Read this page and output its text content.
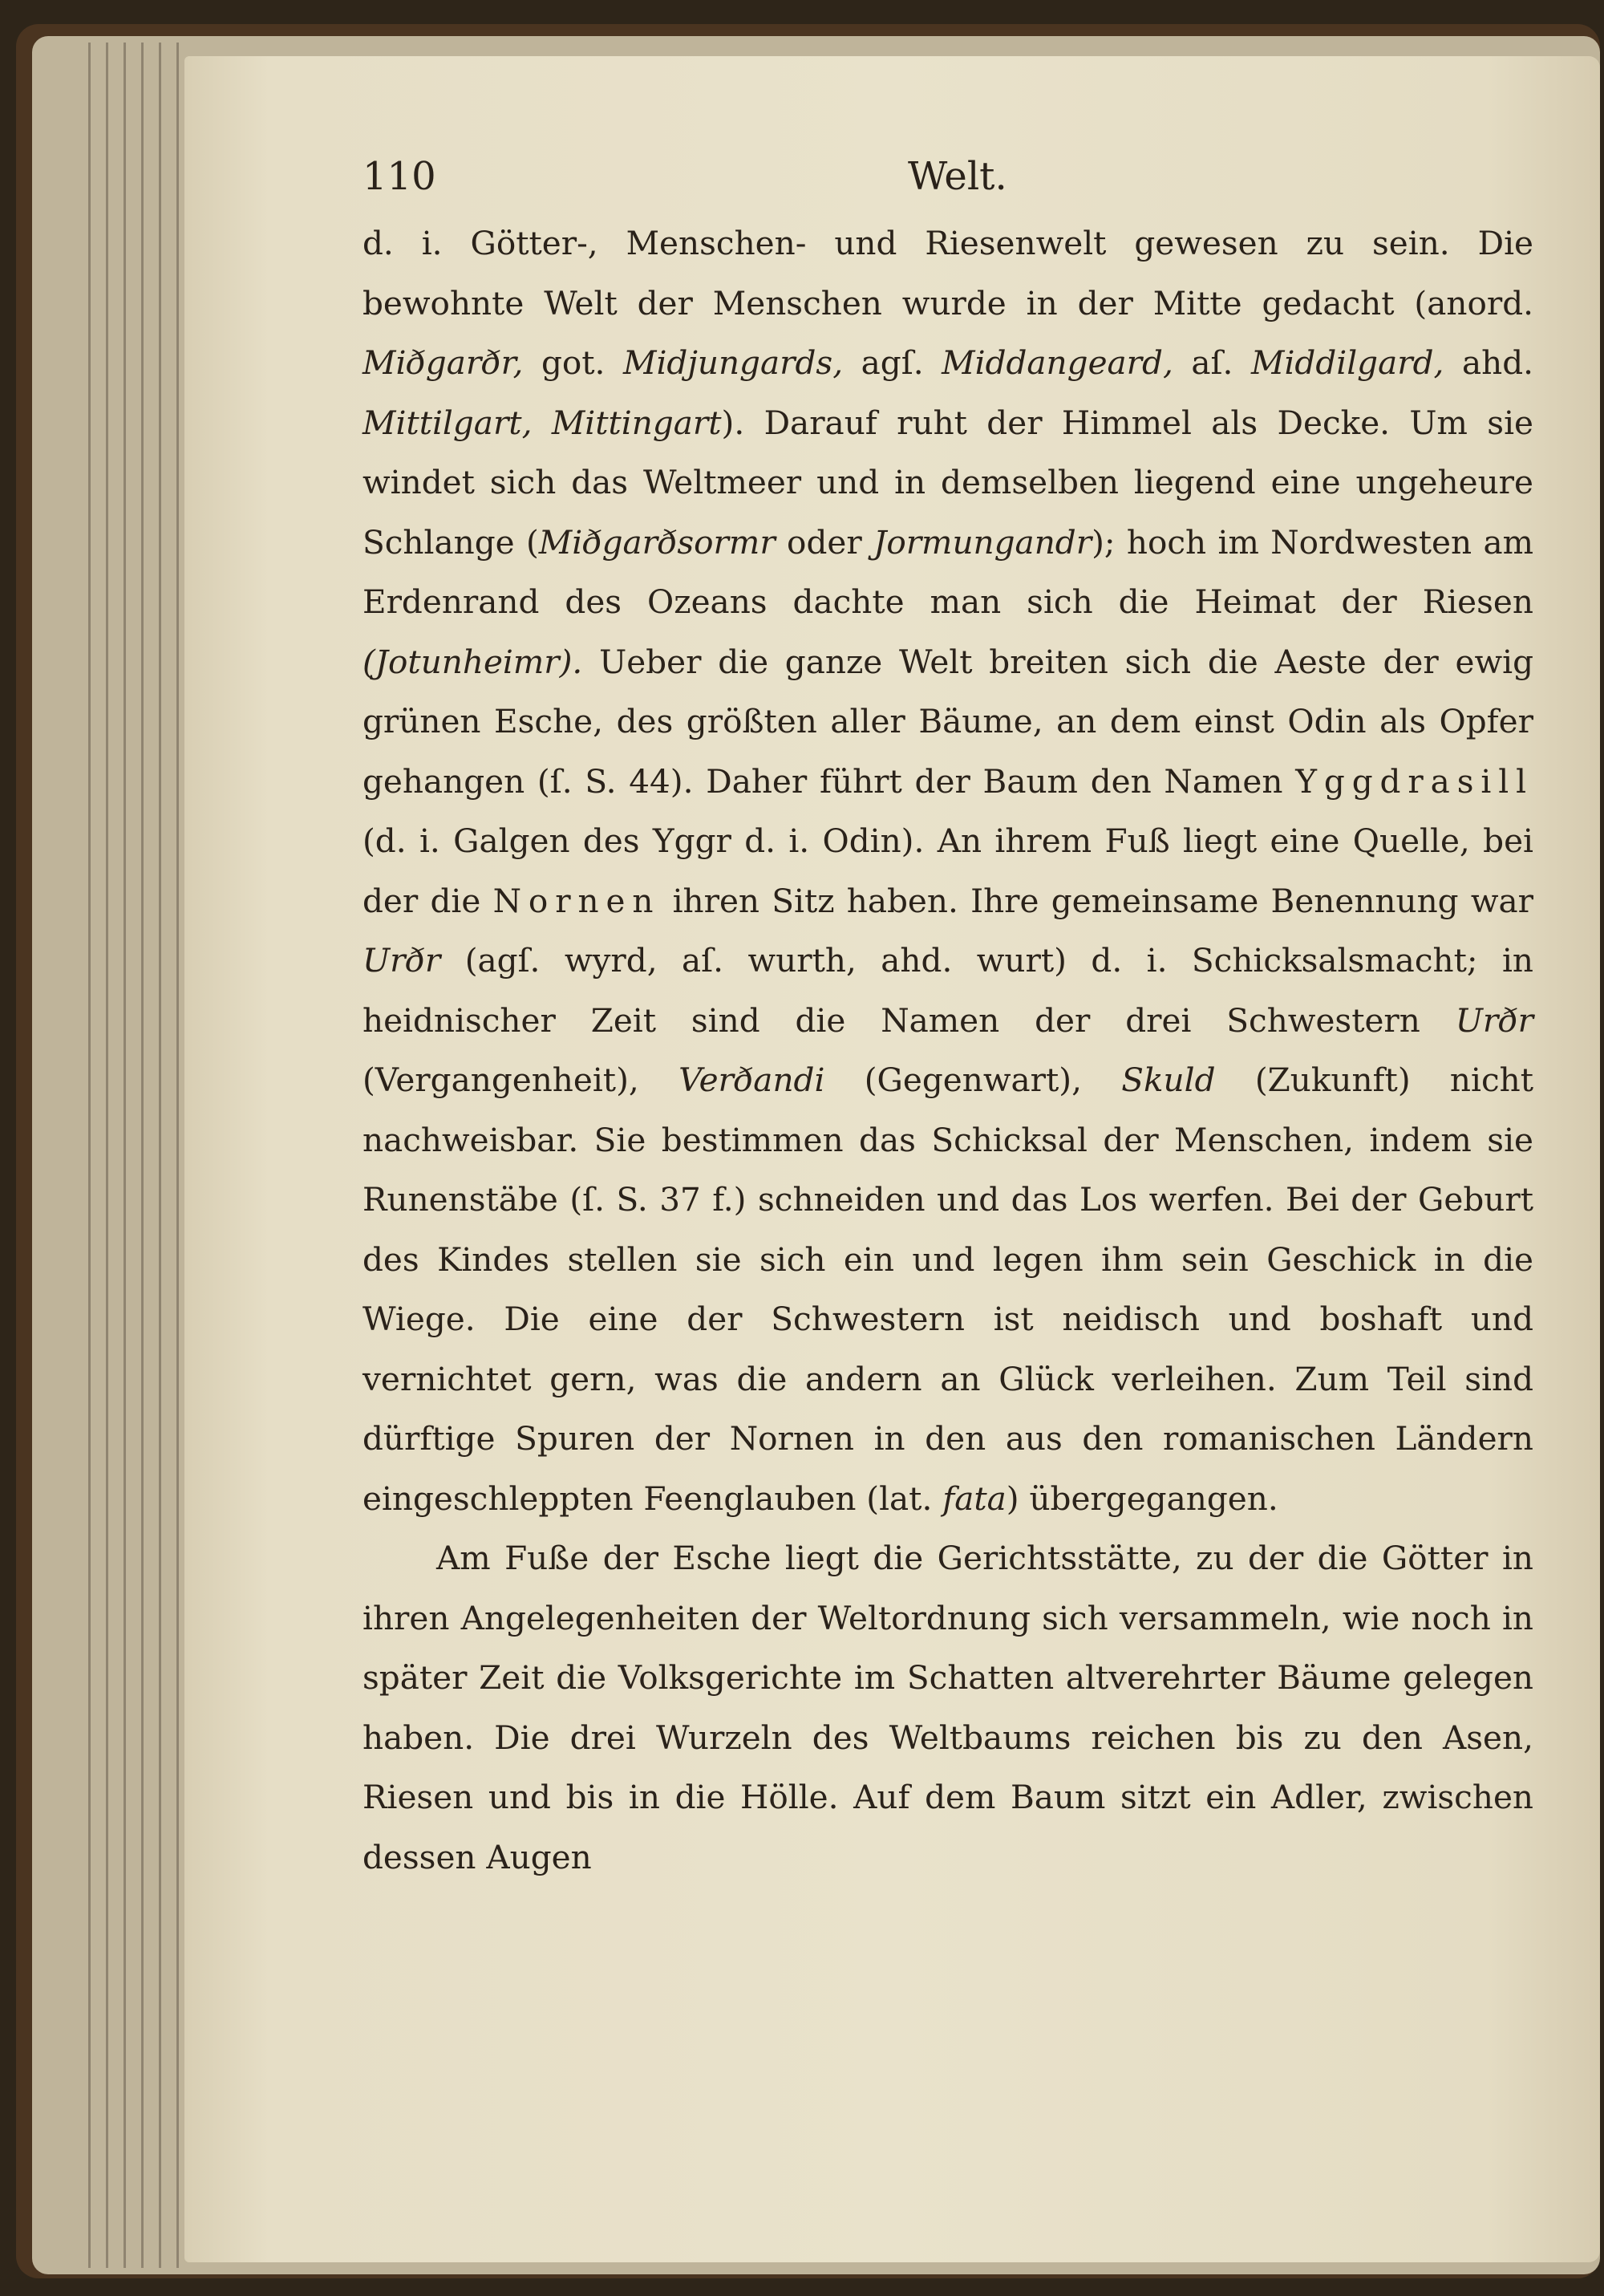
110	Welt.

d. i. Götter-, Menschen- und Riesenwelt gewesen zu sein. Die bewohnte Welt der Menschen wurde in der Mitte gedacht (anord. Miðgarðr, got. Midjungards, agſ. Middangeard, aſ. Middilgard, ahd. Mittilgart, Mittingart). Darauf ruht der Himmel als Decke. Um sie windet sich das Weltmeer und in demselben liegend eine ungeheure Schlange (Miðgarðsormr oder Jormungandr); hoch im Nordwesten am Erdenrand des Ozeans dachte man sich die Heimat der Riesen (Jotunheimr). Ueber die ganze Welt breiten sich die Aeste der ewig grünen Esche, des größten aller Bäume, an dem einst Odin als Opfer gehangen (ſ. S. 44). Daher führt der Baum den Namen Yggdrasill (d. i. Galgen des Yggr d. i. Odin). An ihrem Fuß liegt eine Quelle, bei der die Nornen ihren Sitz haben. Ihre gemeinsame Benennung war Urðr (agſ. wyrd, aſ. wurth, ahd. wurt) d. i. Schicksalsmacht; in heidnischer Zeit sind die Namen der drei Schwestern Urðr (Vergangenheit), Verðandi (Gegenwart), Skuld (Zukunft) nicht nachweisbar. Sie bestimmen das Schicksal der Menschen, indem sie Runenstäbe (ſ. S. 37 f.) schneiden und das Los werfen. Bei der Geburt des Kindes stellen sie sich ein und legen ihm sein Geschick in die Wiege. Die eine der Schwestern ist neidisch und boshaft und vernichtet gern, was die andern an Glück verleihen. Zum Teil sind dürftige Spuren der Nornen in den aus den romanischen Ländern eingeschleppten Feenglauben (lat. fata) übergegangen.

Am Fuße der Esche liegt die Gerichtsstätte, zu der die Götter in ihren Angelegenheiten der Weltordnung sich versammeln, wie noch in später Zeit die Volksgerichte im Schatten altverehrter Bäume gelegen haben. Die drei Wurzeln des Weltbaums reichen bis zu den Asen, Riesen und bis in die Hölle. Auf dem Baum sitzt ein Adler, zwischen dessen Augen
